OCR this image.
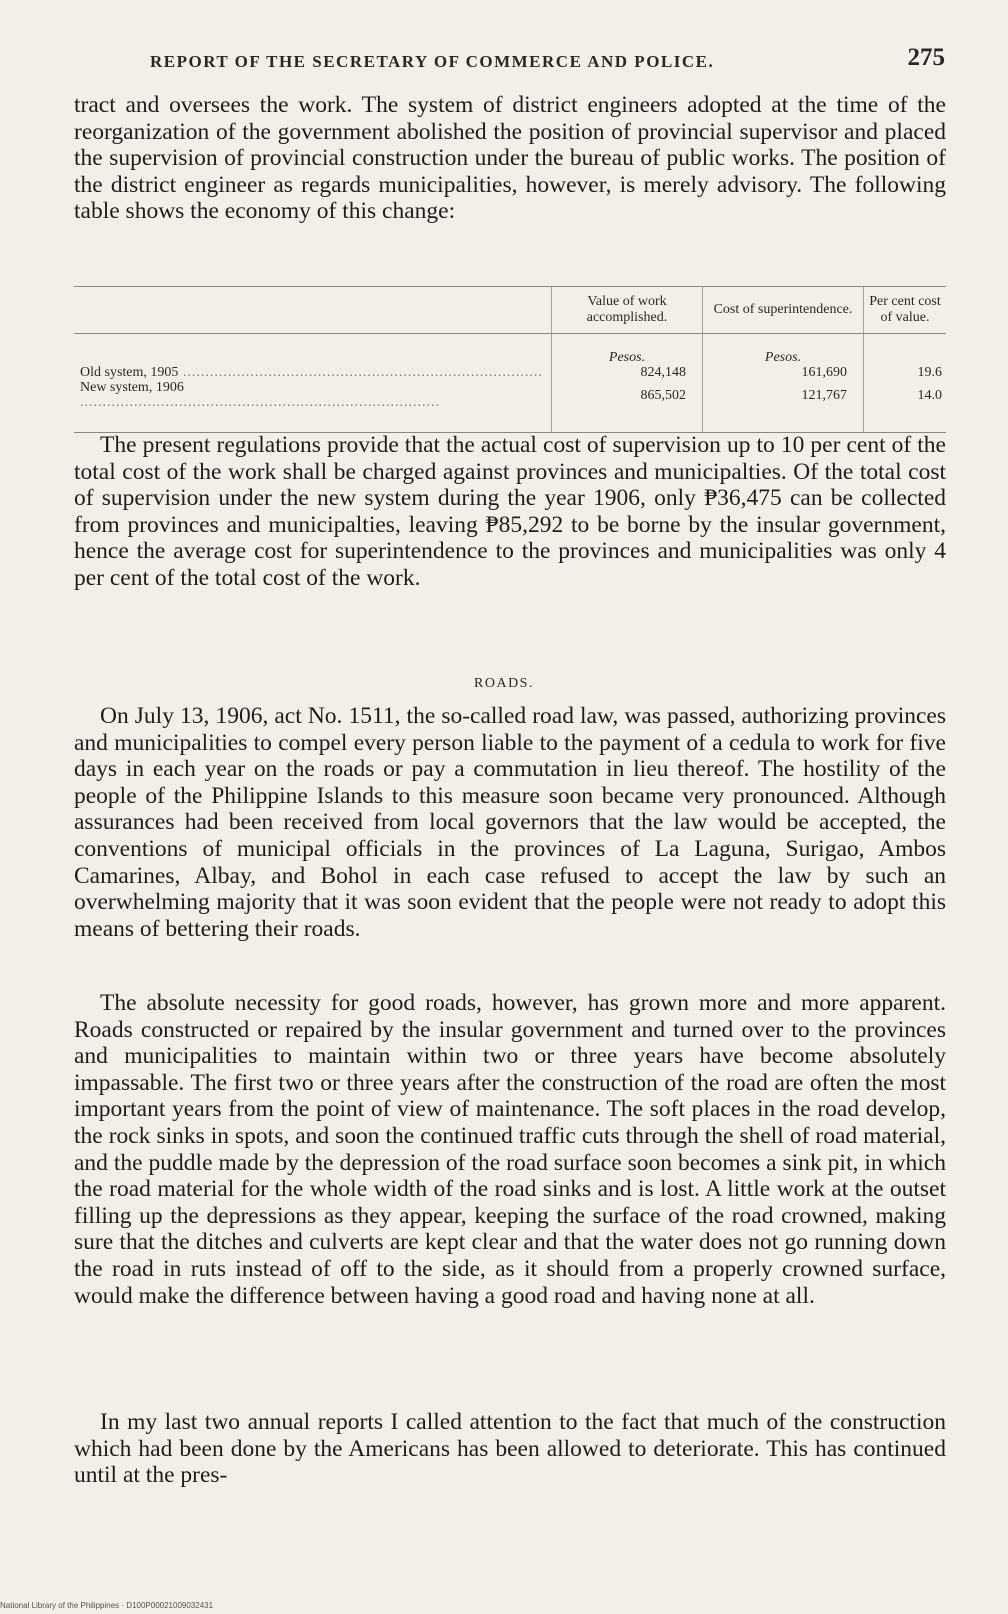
REPORT OF THE SECRETARY OF COMMERCE AND POLICE.	275

tract and oversees the work. The system of district engineers adopted at the time of the reorganization of the government abolished the position of provincial supervisor and placed the supervision of provincial construction under the bureau of public works. The position of the district engineer as regards municipalities, however, is merely advisory. The following table shows the economy of this change:

	Value of work accomplished.	Cost of superintendence.	Per cent cost of value.
	Pesos.	Pesos.	
Old system, 1905 ................................................................................	824,148	161,690	19.6
New system, 1906 ................................................................................	865,502	121,767	14.0

The present regulations provide that the actual cost of supervision up to 10 per cent of the total cost of the work shall be charged against provinces and municipalties. Of the total cost of supervision under the new system during the year 1906, only ₱36,475 can be collected from provinces and municipalties, leaving ₱85,292 to be borne by the insular government, hence the average cost for superintendence to the provinces and municipalities was only 4 per cent of the total cost of the work.

ROADS.

On July 13, 1906, act No. 1511, the so-called road law, was passed, authorizing provinces and municipalities to compel every person liable to the payment of a cedula to work for five days in each year on the roads or pay a commutation in lieu thereof. The hostility of the people of the Philippine Islands to this measure soon became very pronounced. Although assurances had been received from local governors that the law would be accepted, the conventions of municipal officials in the provinces of La Laguna, Surigao, Ambos Camarines, Albay, and Bohol in each case refused to accept the law by such an overwhelming majority that it was soon evident that the people were not ready to adopt this means of bettering their roads.

The absolute necessity for good roads, however, has grown more and more apparent. Roads constructed or repaired by the insular government and turned over to the provinces and municipalities to maintain within two or three years have become absolutely impassable. The first two or three years after the construction of the road are often the most important years from the point of view of maintenance. The soft places in the road develop, the rock sinks in spots, and soon the continued traffic cuts through the shell of road material, and the puddle made by the depression of the road surface soon becomes a sink pit, in which the road material for the whole width of the road sinks and is lost. A little work at the outset filling up the depressions as they appear, keeping the surface of the road crowned, making sure that the ditches and culverts are kept clear and that the water does not go running down the road in ruts instead of off to the side, as it should from a properly crowned surface, would make the difference between having a good road and having none at all.

In my last two annual reports I called attention to the fact that much of the construction which had been done by the Americans has been allowed to deteriorate. This has continued until at the pres-

National Library of the Philippines · D100P00021009032431
